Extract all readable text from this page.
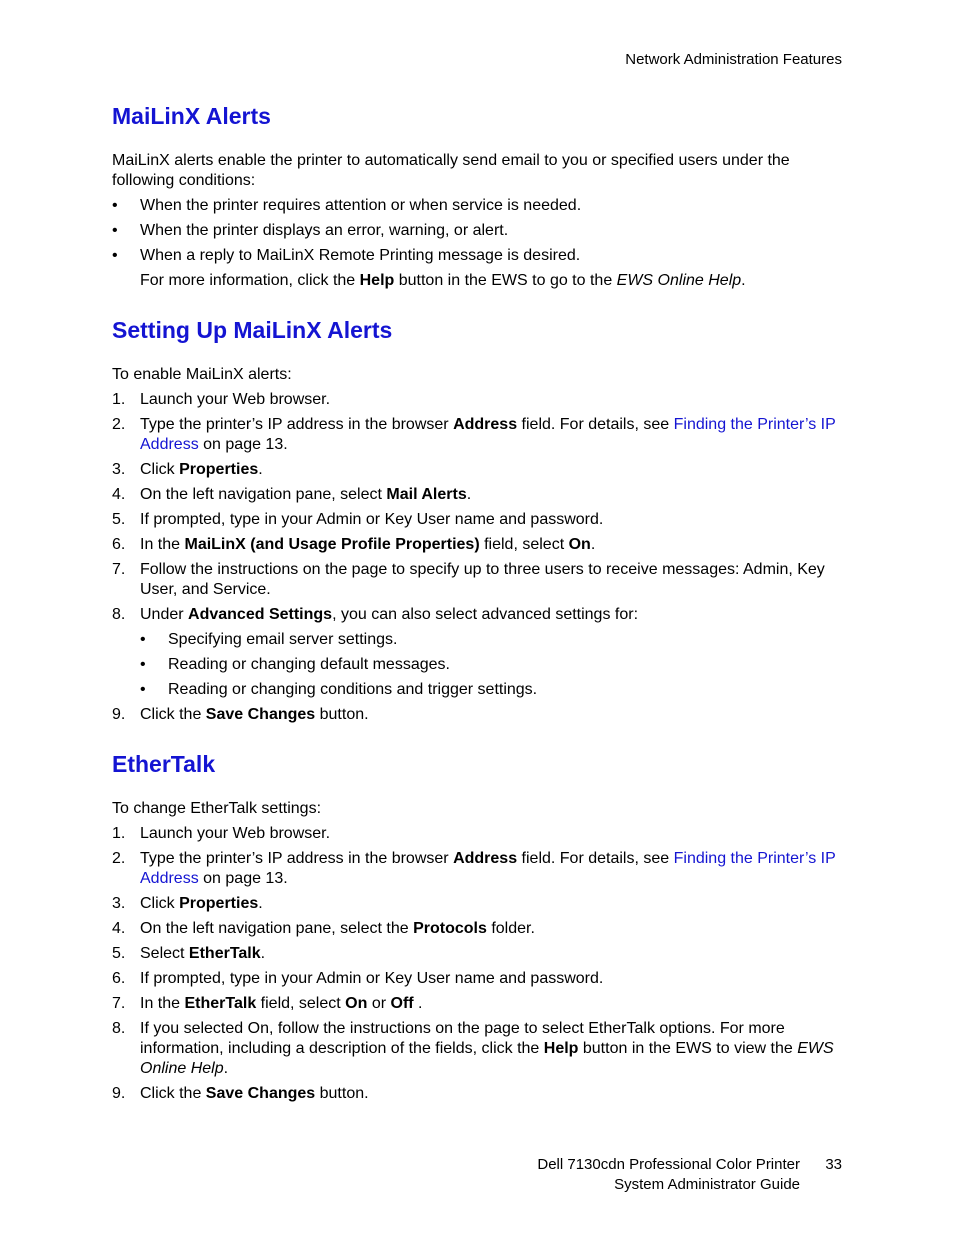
Network Administration Features
MaiLinX Alerts

MaiLinX alerts enable the printer to automatically send email to you or specified users under the following conditions:

• When the printer requires attention or when service is needed.
• When the printer displays an error, warning, or alert.
• When a reply to MaiLinX Remote Printing message is desired.

For more information, click the Help button in the EWS to go to the EWS Online Help.

Setting Up MaiLinX Alerts

To enable MaiLinX alerts:

1. Launch your Web browser.
2. Type the printer’s IP address in the browser Address field. For details, see Finding the Printer’s IP Address on page 13.
3. Click Properties.
4. On the left navigation pane, select Mail Alerts.
5. If prompted, type in your Admin or Key User name and password.
6. In the MaiLinX (and Usage Profile Properties) field, select On.
7. Follow the instructions on the page to specify up to three users to receive messages: Admin, Key User, and Service.
8. Under Advanced Settings, you can also select advanced settings for:
• Specifying email server settings.
• Reading or changing default messages.
• Reading or changing conditions and trigger settings.
9. Click the Save Changes button.
EtherTalk

To change EtherTalk settings:

1. Launch your Web browser.
2. Type the printer’s IP address in the browser Address field. For details, see Finding the Printer’s IP Address on page 13.
3. Click Properties.
4. On the left navigation pane, select the Protocols folder.
5. Select EtherTalk.
6. If prompted, type in your Admin or Key User name and password.
7. In the EtherTalk field, select On or Off .
8. If you selected On, follow the instructions on the page to select EtherTalk options. For more information, including a description of the fields, click the Help button in the EWS to view the EWS Online Help.
9. Click the Save Changes button.
Dell 7130cdn Professional Color Printer	33
System Administrator Guide
